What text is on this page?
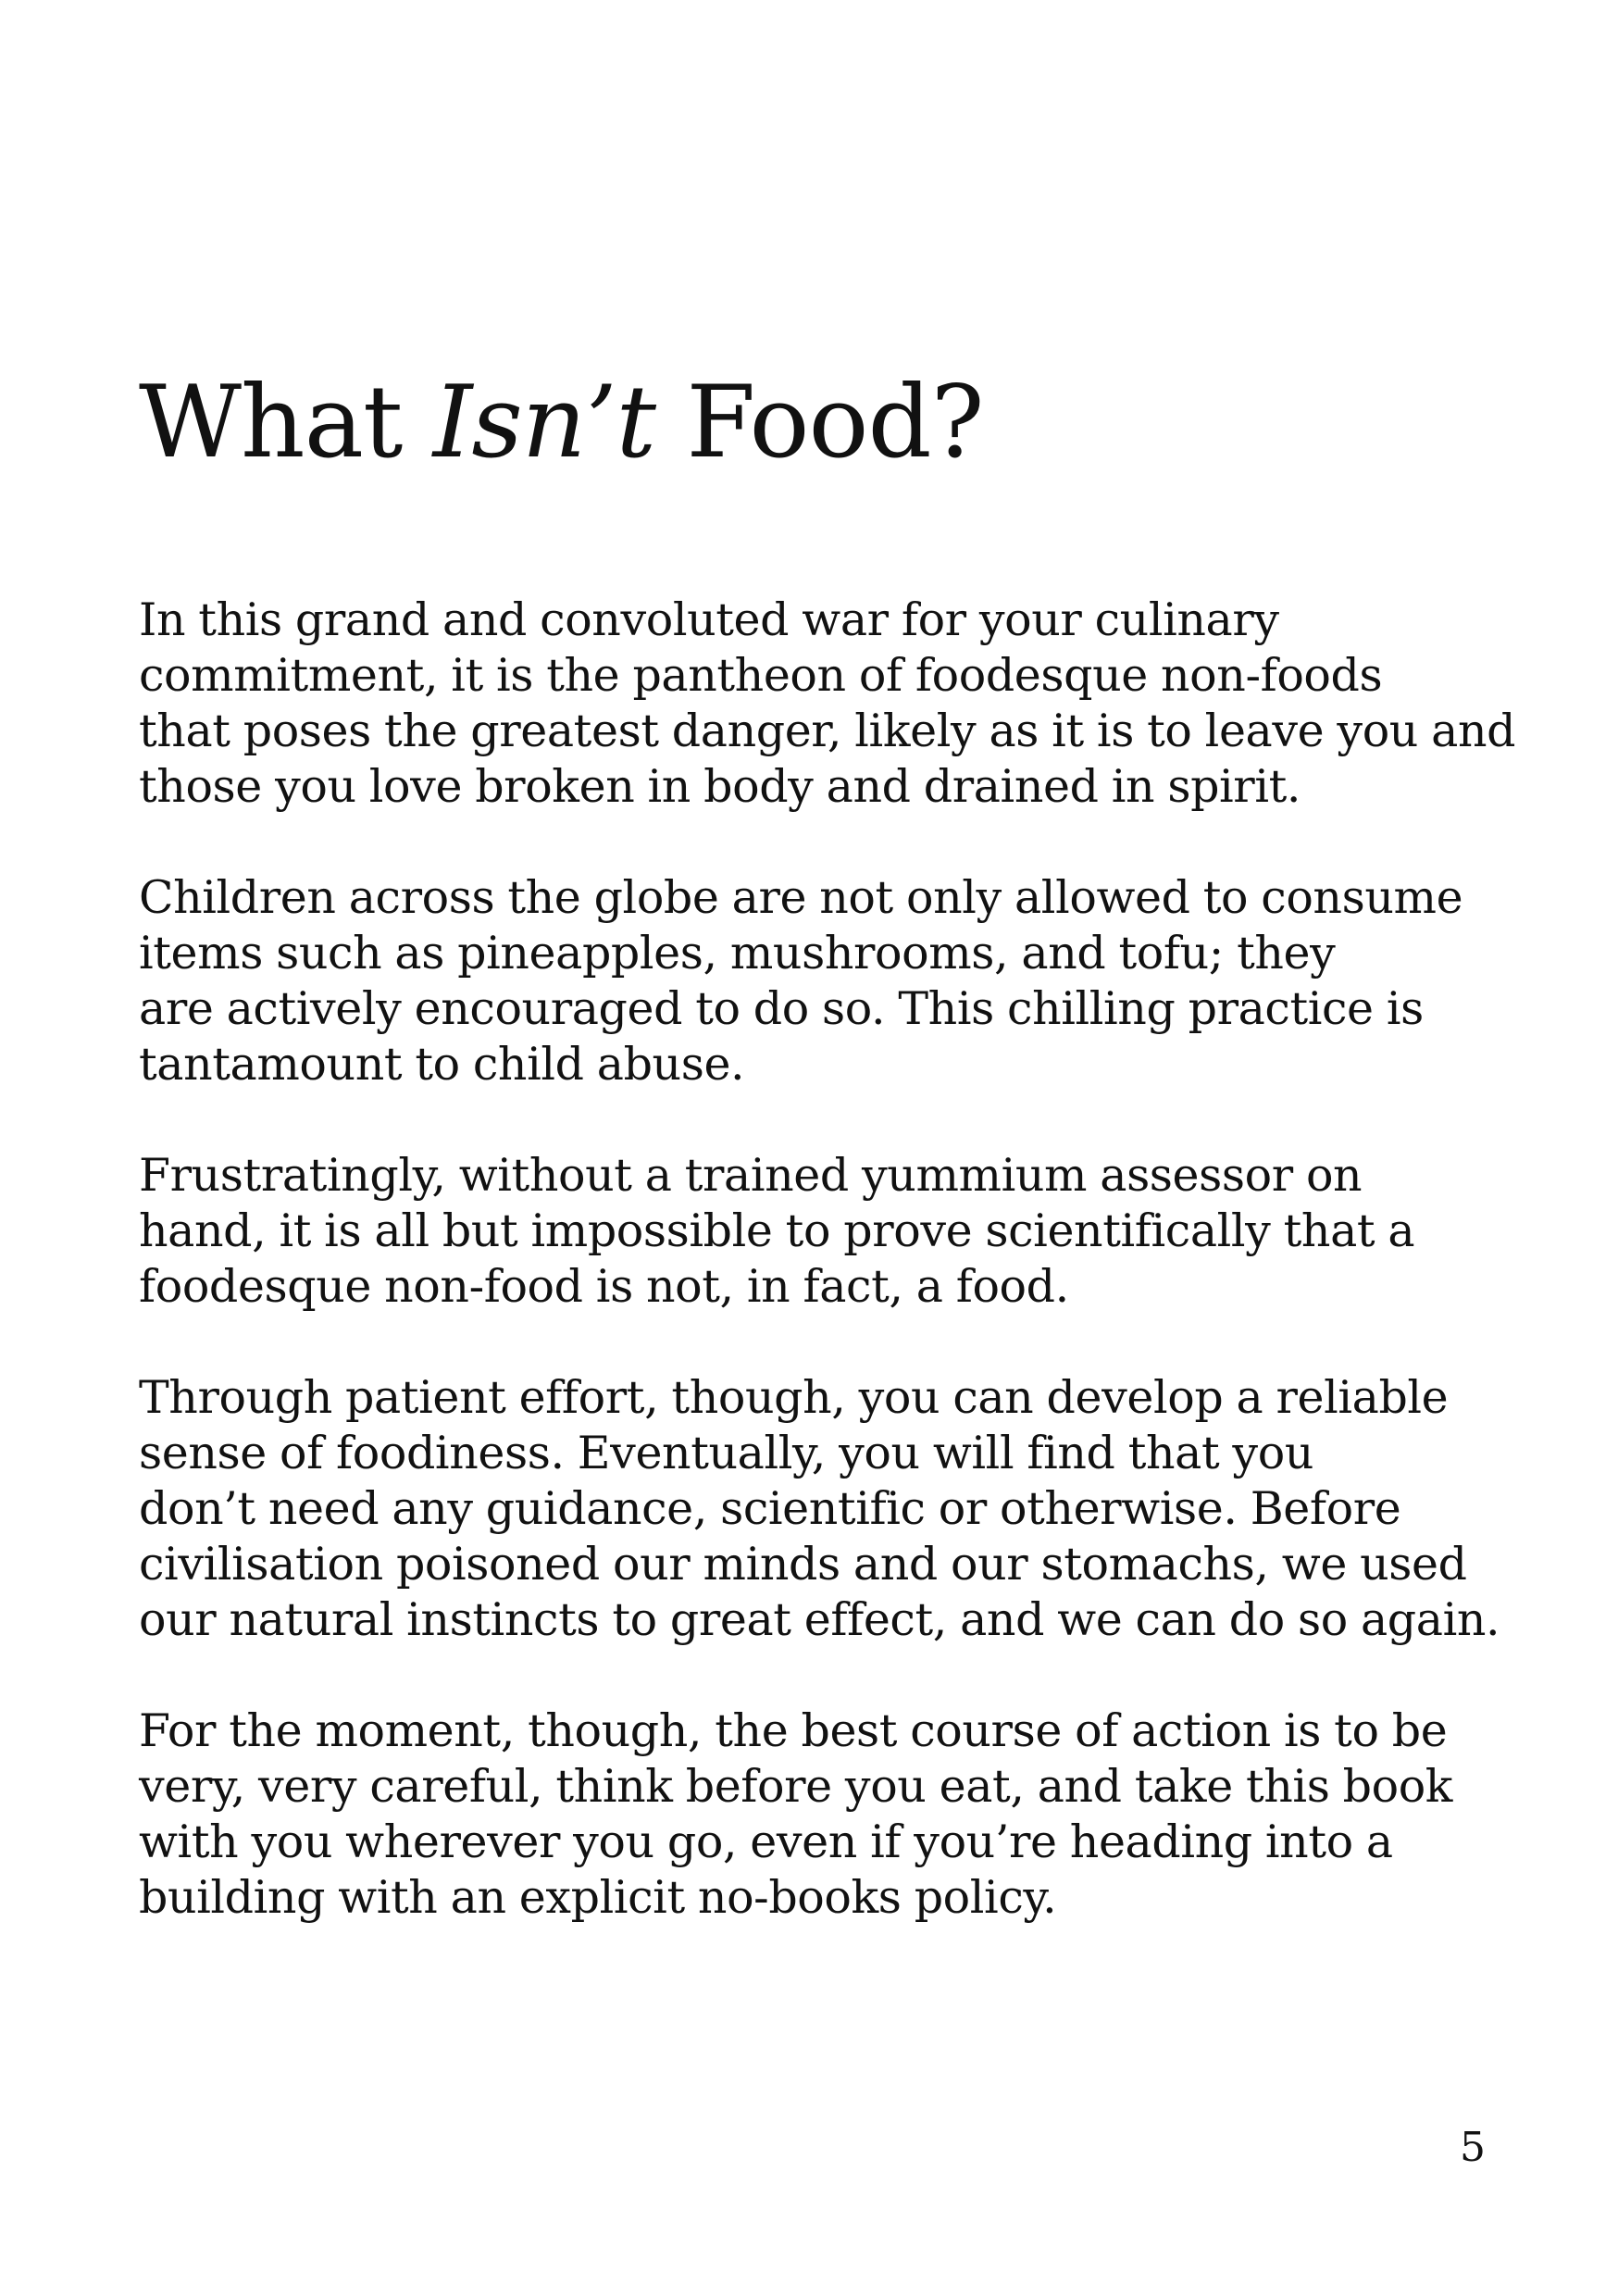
What Isn’t Food?

In this grand and convoluted war for your culinary
commitment, it is the pantheon of foodesque non-foods
that poses the greatest danger, likely as it is to leave you and
those you love broken in body and drained in spirit.

Children across the globe are not only allowed to consume
items such as pineapples, mushrooms, and tofu; they
are actively encouraged to do so. This chilling practice is
tantamount to child abuse.

Frustratingly, without a trained yummium assessor on
hand, it is all but impossible to prove scientifically that a
foodesque non-food is not, in fact, a food.

Through patient effort, though, you can develop a reliable
sense of foodiness. Eventually, you will find that you
don’t need any guidance, scientific or otherwise. Before
civilisation poisoned our minds and our stomachs, we used
our natural instincts to great effect, and we can do so again.

For the moment, though, the best course of action is to be
very, very careful, think before you eat, and take this book
with you wherever you go, even if you’re heading into a
building with an explicit no-books policy.

5
